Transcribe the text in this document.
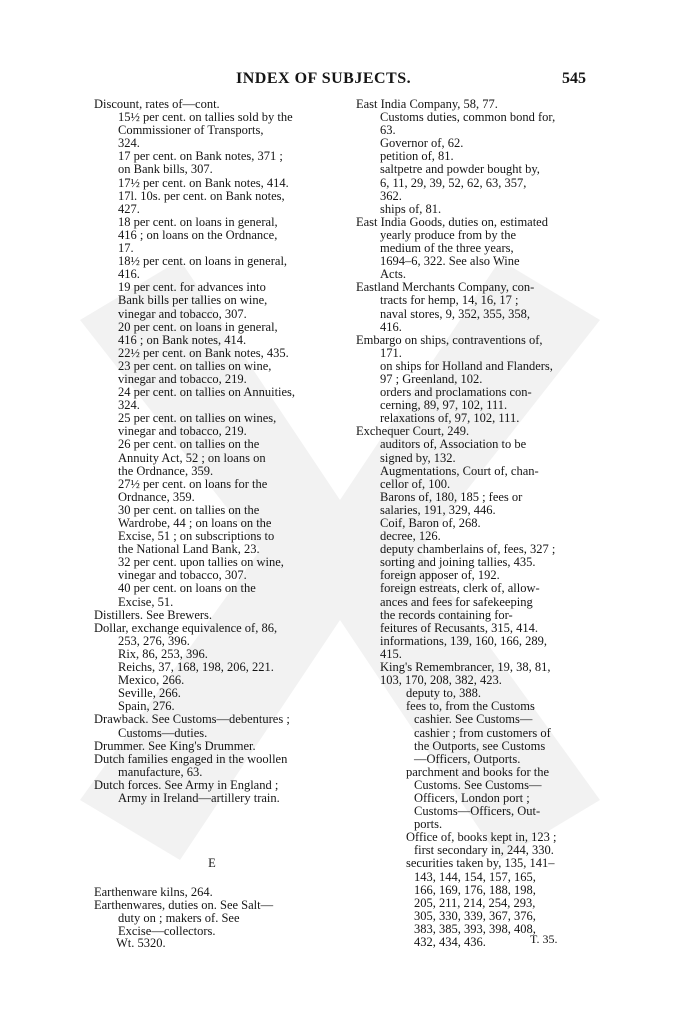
INDEX OF SUBJECTS.	545
Discount, rates of—cont.
15½ per cent. on tallies sold by the
Commissioner of Transports,
324.
17 per cent. on Bank notes, 371 ;
on Bank bills, 307.
17½ per cent. on Bank notes, 414.
17l. 10s. per cent. on Bank notes,
427.
18 per cent. on loans in general,
416 ; on loans on the Ordnance,
17.
18½ per cent. on loans in general,
416.
19 per cent. for advances into
Bank bills per tallies on wine,
vinegar and tobacco, 307.
20 per cent. on loans in general,
416 ; on Bank notes, 414.
22½ per cent. on Bank notes, 435.
23 per cent. on tallies on wine,
vinegar and tobacco, 219.
24 per cent. on tallies on Annuities,
324.
25 per cent. on tallies on wines,
vinegar and tobacco, 219.
26 per cent. on tallies on the
Annuity Act, 52 ; on loans on
the Ordnance, 359.
27½ per cent. on loans for the
Ordnance, 359.
30 per cent. on tallies on the
Wardrobe, 44 ; on loans on the
Excise, 51 ; on subscriptions to
the National Land Bank, 23.
32 per cent. upon tallies on wine,
vinegar and tobacco, 307.
40 per cent. on loans on the
Excise, 51.
Distillers. See Brewers.
Dollar, exchange equivalence of, 86,
253, 276, 396.
Rix, 86, 253, 396.
Reichs, 37, 168, 198, 206, 221.
Mexico, 266.
Seville, 266.
Spain, 276.
Drawback. See Customs—debentures ;
Customs—duties.
Drummer. See King's Drummer.
Dutch families engaged in the woollen
manufacture, 63.
Dutch forces. See Army in England ;
Army in Ireland—artillery train.
E
Earthenware kilns, 264.
Earthenwares, duties on. See Salt—
duty on ; makers of. See
Excise—collectors.
East India Company, 58, 77.
Customs duties, common bond for,
63.
Governor of, 62.
petition of, 81.
saltpetre and powder bought by,
6, 11, 29, 39, 52, 62, 63, 357,
362.
ships of, 81.
East India Goods, duties on, estimated
yearly produce from by the
medium of the three years,
1694–6, 322. See also Wine
Acts.
Eastland Merchants Company, con-
tracts for hemp, 14, 16, 17 ;
naval stores, 9, 352, 355, 358,
416.
Embargo on ships, contraventions of,
171.
on ships for Holland and Flanders,
97 ; Greenland, 102.
orders and proclamations con-
cerning, 89, 97, 102, 111.
relaxations of, 97, 102, 111.
Exchequer Court, 249.
auditors of, Association to be
signed by, 132.
Augmentations, Court of, chan-
cellor of, 100.
Barons of, 180, 185 ; fees or
salaries, 191, 329, 446.
Coif, Baron of, 268.
decree, 126.
deputy chamberlains of, fees, 327 ;
sorting and joining tallies, 435.
foreign apposer of, 192.
foreign estreats, clerk of, allow-
ances and fees for safekeeping
the records containing for-
feitures of Recusants, 315, 414.
informations, 139, 160, 166, 289,
415.
King's Remembrancer, 19, 38, 81,
103, 170, 208, 382, 423.
deputy to, 388.
fees to, from the Customs
cashier. See Customs—
cashier ; from customers of
the Outports, see Customs
—Officers, Outports.
parchment and books for the
Customs. See Customs—
Officers, London port ;
Customs—Officers, Out-
ports.
Office of, books kept in, 123 ;
first secondary in, 244, 330.
securities taken by, 135, 141–
143, 144, 154, 157, 165,
166, 169, 176, 188, 198,
205, 211, 214, 254, 293,
305, 330, 339, 367, 376,
383, 385, 393, 398, 408,
432, 434, 436.
Wt. 5320.	T. 35.
